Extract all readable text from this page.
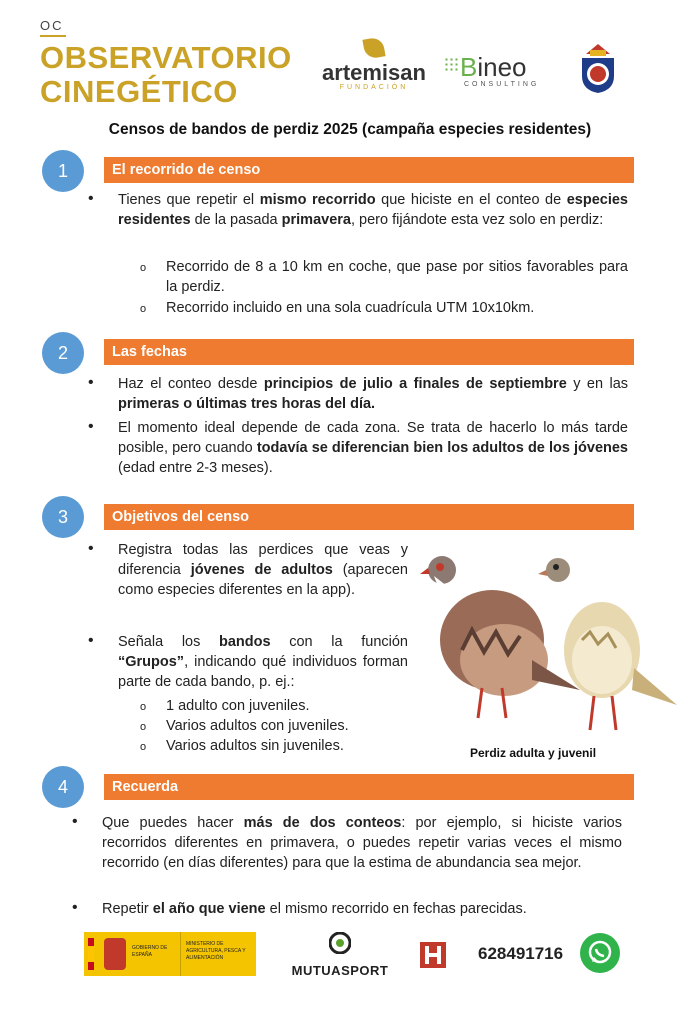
OC
OBSERVATORIO
CINEGÉTICO
artemisan
FUNDACIÓN
Bineo
CONSULTING
Censos de bandos de perdiz 2025 (campaña especies residentes)
1	El recorrido de censo
•	Tienes que repetir el mismo recorrido que hiciste en el conteo de especies residentes de la pasada primavera, pero fijándote esta vez solo en perdiz:
o Recorrido de 8 a 10 km en coche, que pase por sitios favorables para la perdiz.
o Recorrido incluido en una sola cuadrícula UTM 10x10km.
2	Las fechas
•	Haz el conteo desde principios de julio a finales de septiembre y en las primeras o últimas tres horas del día.
•	El momento ideal depende de cada zona. Se trata de hacerlo lo más tarde posible, pero cuando todavía se diferencian bien los adultos de los jóvenes (edad entre 2-3 meses).
3	Objetivos del censo
•	Registra todas las perdices que veas y diferencia jóvenes de adultos (aparecen como especies diferentes en la app).
•	Señala los bandos con la función “Grupos”, indicando qué individuos forman parte de cada bando, p. ej.:
o 1 adulto con juveniles.
o Varios adultos con juveniles.
o Varios adultos sin juveniles.	Perdiz adulta y juvenil
4	Recuerda
•	Que puedes hacer más de dos conteos: por ejemplo, si hiciste varios recorridos diferentes en primavera, o puedes repetir varias veces el mismo recorrido (en días diferentes) para que la estima de abundancia sea mejor.
•	Repetir el año que viene el mismo recorrido en fechas parecidas.
GOBIERNO DE ESPAÑA
MINISTERIO DE AGRICULTURA, PESCA Y ALIMENTACIÓN
MUTUASPORT
628491716
